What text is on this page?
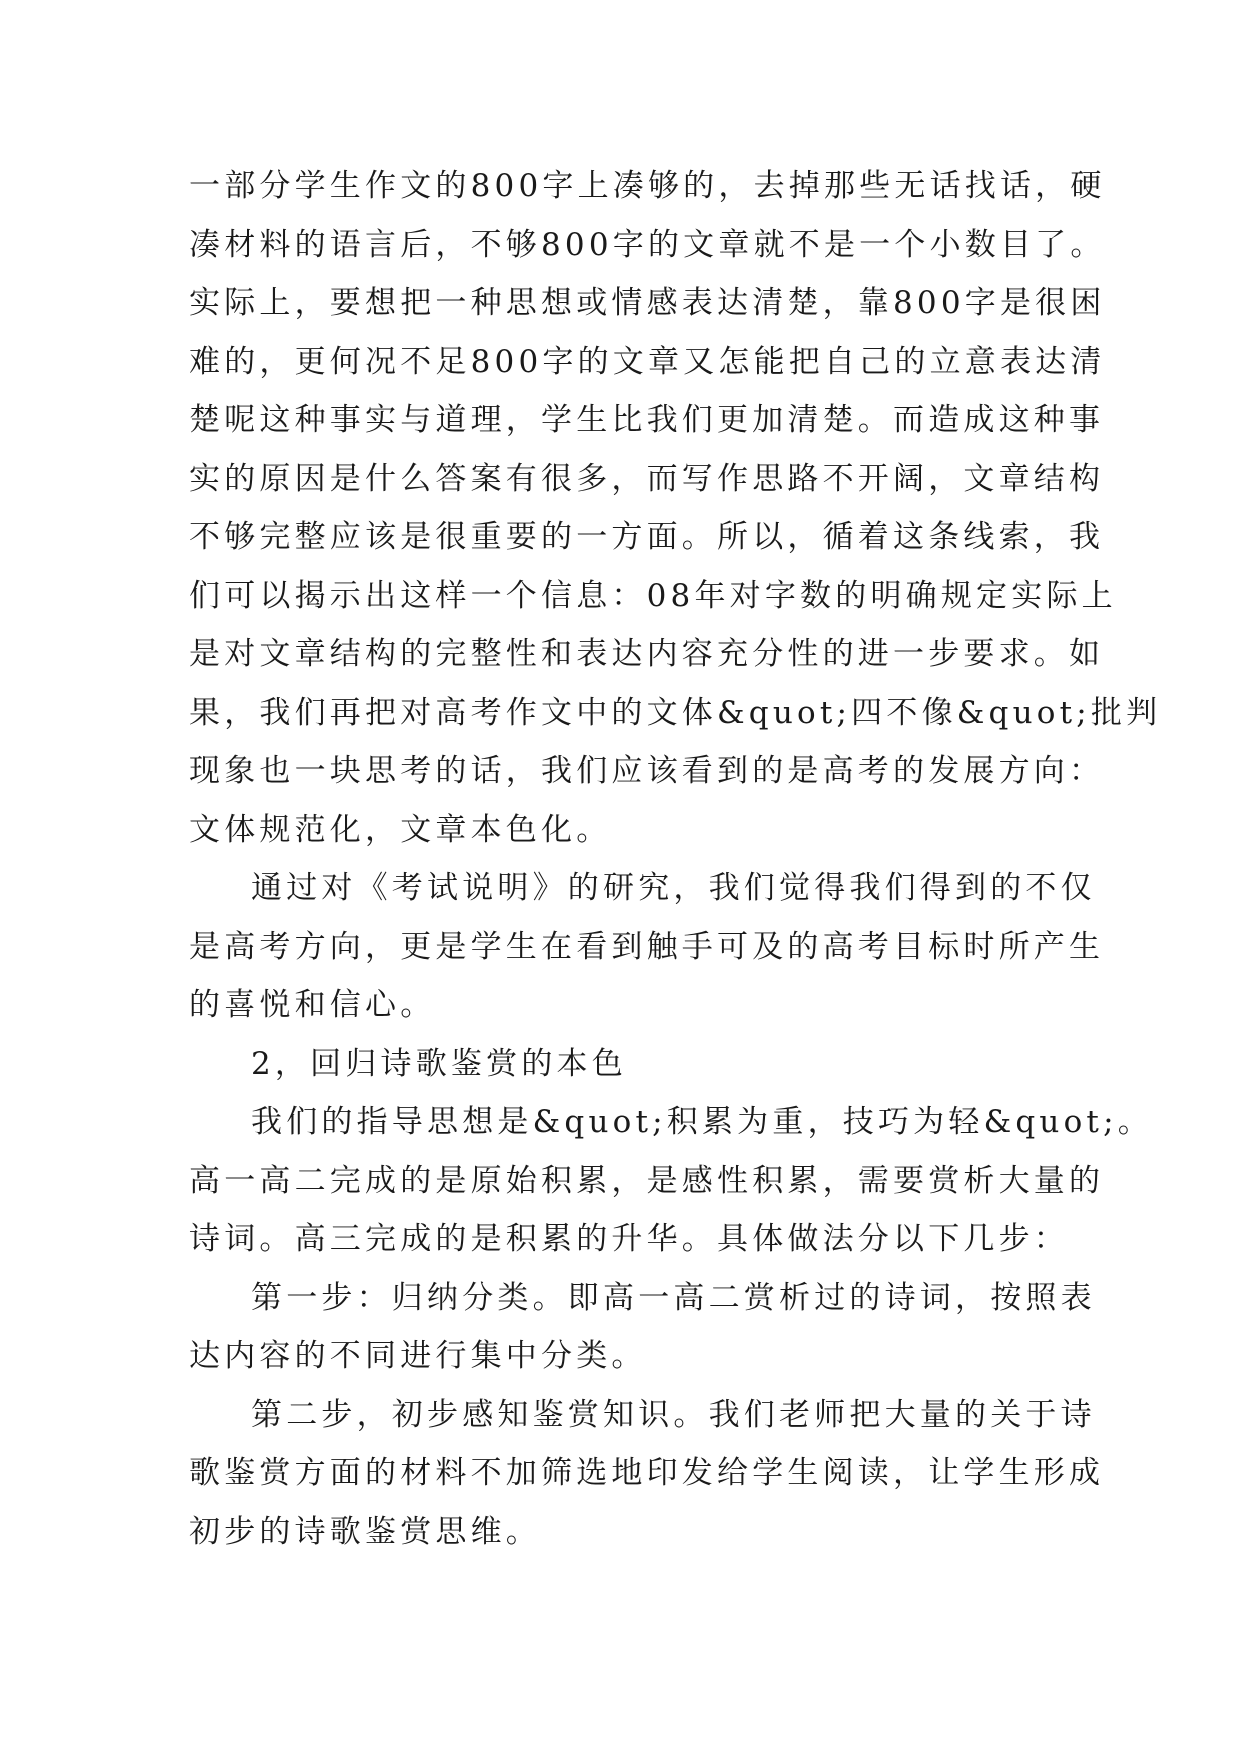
一部分学生作文的800字上凑够的，去掉那些无话找话，硬
凑材料的语言后，不够800字的文章就不是一个小数目了。
实际上，要想把一种思想或情感表达清楚，靠800字是很困
难的，更何况不足800字的文章又怎能把自己的立意表达清
楚呢这种事实与道理，学生比我们更加清楚。而造成这种事
实的原因是什么答案有很多，而写作思路不开阔，文章结构
不够完整应该是很重要的一方面。所以，循着这条线索，我
们可以揭示出这样一个信息：08年对字数的明确规定实际上
是对文章结构的完整性和表达内容充分性的进一步要求。如
果，我们再把对高考作文中的文体&quot;四不像&quot;批判
现象也一块思考的话，我们应该看到的是高考的发展方向：
文体规范化，文章本色化。
通过对《考试说明》的研究，我们觉得我们得到的不仅
是高考方向，更是学生在看到触手可及的高考目标时所产生
的喜悦和信心。
2，回归诗歌鉴赏的本色
我们的指导思想是&quot;积累为重，技巧为轻&quot;。
高一高二完成的是原始积累，是感性积累，需要赏析大量的
诗词。高三完成的是积累的升华。具体做法分以下几步：
第一步：归纳分类。即高一高二赏析过的诗词，按照表
达内容的不同进行集中分类。
第二步，初步感知鉴赏知识。我们老师把大量的关于诗
歌鉴赏方面的材料不加筛选地印发给学生阅读，让学生形成
初步的诗歌鉴赏思维。
